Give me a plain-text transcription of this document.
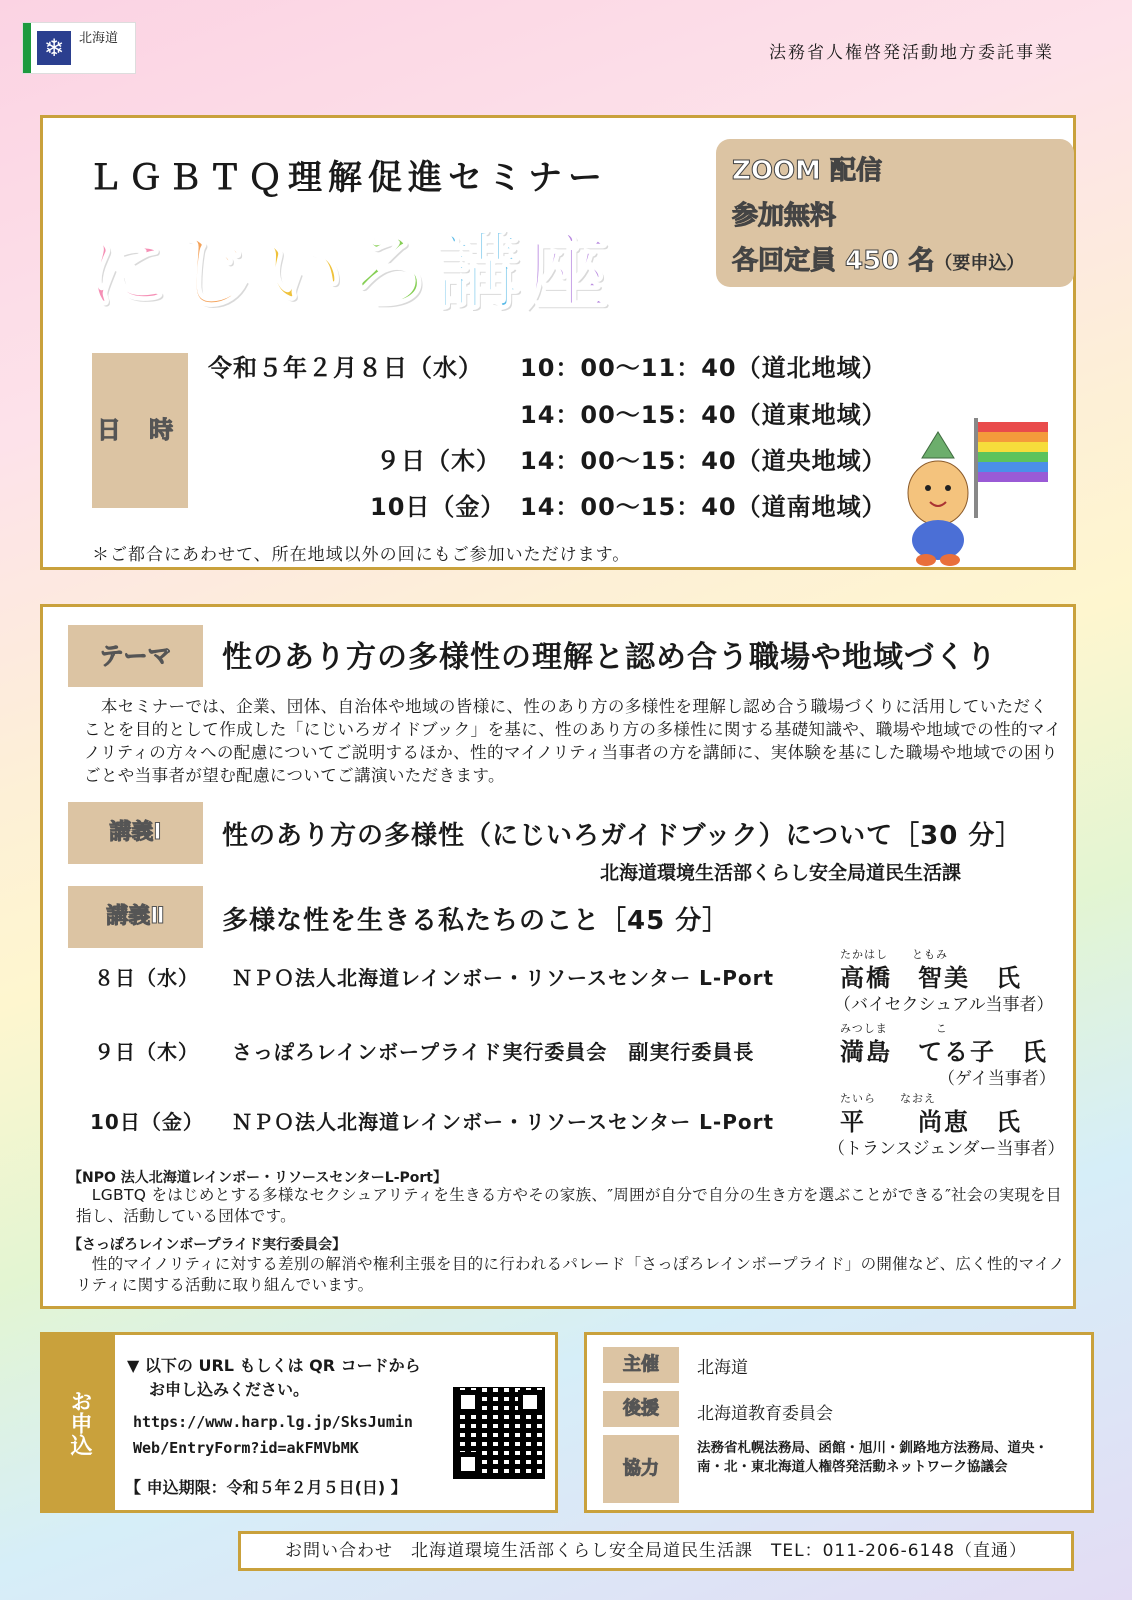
❄	北海道
法務省人権啓発活動地方委託事業
ＬＧＢＴＱ理解促進セミナー
にじいろ講座
ZOOM 配信
参加無料
各回定員 450 名（要申込）
日 時
令和５年２月８日（水） 10：00～11：40（道北地域）
14：00～15：40（道東地域）
９日（木） 14：00～15：40（道央地域）
10日（金） 14：00～15：40（道南地域）
＊ご都合にあわせて、所在地域以外の回にもご参加いただけます。
テーマ	性のあり方の多様性の理解と認め合う職場や地域づくり
　本セミナーでは、企業、団体、自治体や地域の皆様に、性のあり方の多様性を理解し認め合う職場づくりに活用していただくことを目的として作成した「にじいろガイドブック」を基に、性のあり方の多様性に関する基礎知識や、職場や地域での性的マイノリティの方々への配慮についてご説明するほか、性的マイノリティ当事者の方を講師に、実体験を基にした職場や地域での困りごとや当事者が望む配慮についてご講演いただきます。
講義Ⅰ	性のあり方の多様性（にじいろガイドブック）について［30 分］
北海道環境生活部くらし安全局道民生活課
講義Ⅱ	多様な性を生きる私たちのこと［45 分］
８日（水） ＮＰＯ法人北海道レインボー・リソースセンター L-Port
たかはし　　ともみ
高橋　智美　氏
（バイセクシュアル当事者）
９日（木） さっぽろレインボープライド実行委員会　副実行委員長
みつしま　　　　こ
満島　てる子　氏
（ゲイ当事者）
10日（金） ＮＰＯ法人北海道レインボー・リソースセンター L-Port
たいら　　なおえ
平　　尚恵　氏
（トランスジェンダー当事者）
【NPO 法人北海道レインボー・リソースセンターL-Port】
　LGBTQ をはじめとする多様なセクシュアリティを生きる方やその家族、″周囲が自分で自分の生き方を選ぶことができる″社会の実現を目指し、活動している団体です。
【さっぽろレインボープライド実行委員会】
　性的マイノリティに対する差別の解消や権利主張を目的に行われるパレード「さっぽろレインボープライド」の開催など、広く性的マイノリティに関する活動に取り組んでいます。
お申込
▼ 以下の URL もしくは QR コードから
お申し込みください。
https://www.harp.lg.jp/SksJumin
Web/EntryForm?id=akFMVbMK
【 申込期限：令和５年２月５日(日) 】
主催	北海道
後援	北海道教育委員会
協力
法務省札幌法務局、函館・旭川・釧路地方法務局、道央・南・北・東北海道人権啓発活動ネットワーク協議会
お問い合わせ　北海道環境生活部くらし安全局道民生活課　TEL：011-206-6148（直通）
